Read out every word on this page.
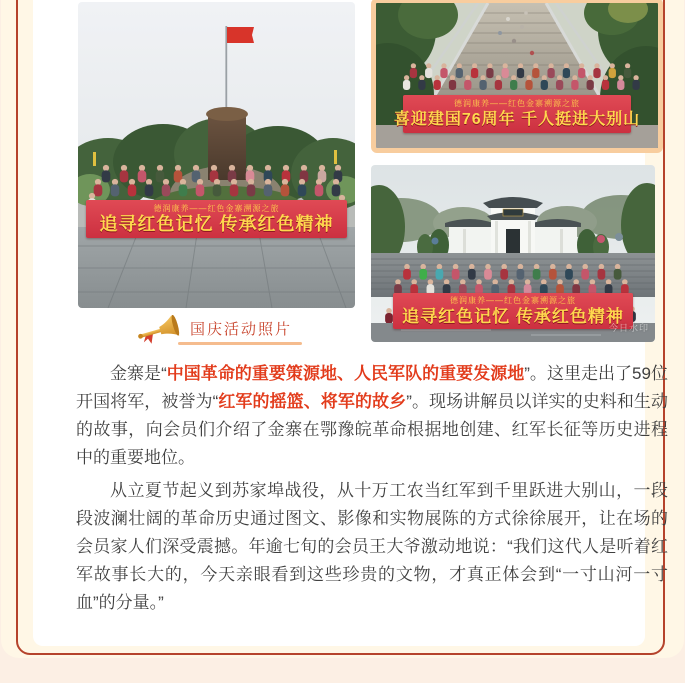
德润康养——红色金寨溯源之旅
追寻红色记忆 传承红色精神
德润康养——红色金寨溯源之旅
喜迎建国76周年 千人挺进大别山
德润康养——红色金寨溯源之旅
追寻红色记忆 传承红色精神
今日水印
国庆活动照片

金寨是“中国革命的重要策源地、人民军队的重要发源地”。这里走出了59位开国将军，被誉为“红军的摇篮、将军的故乡”。现场讲解员以详实的史料和生动的故事，向会员们介绍了金寨在鄂豫皖革命根据地创建、红军长征等历史进程中的重要地位。

从立夏节起义到苏家埠战役，从十万工农当红军到千里跃进大别山，一段段波澜壮阔的革命历史通过图文、影像和实物展陈的方式徐徐展开，让在场的会员家人们深受震撼。年逾七旬的会员王大爷激动地说：“我们这代人是听着红军故事长大的，今天亲眼看到这些珍贵的文物，才真正体会到“一寸山河一寸血”的分量。”
